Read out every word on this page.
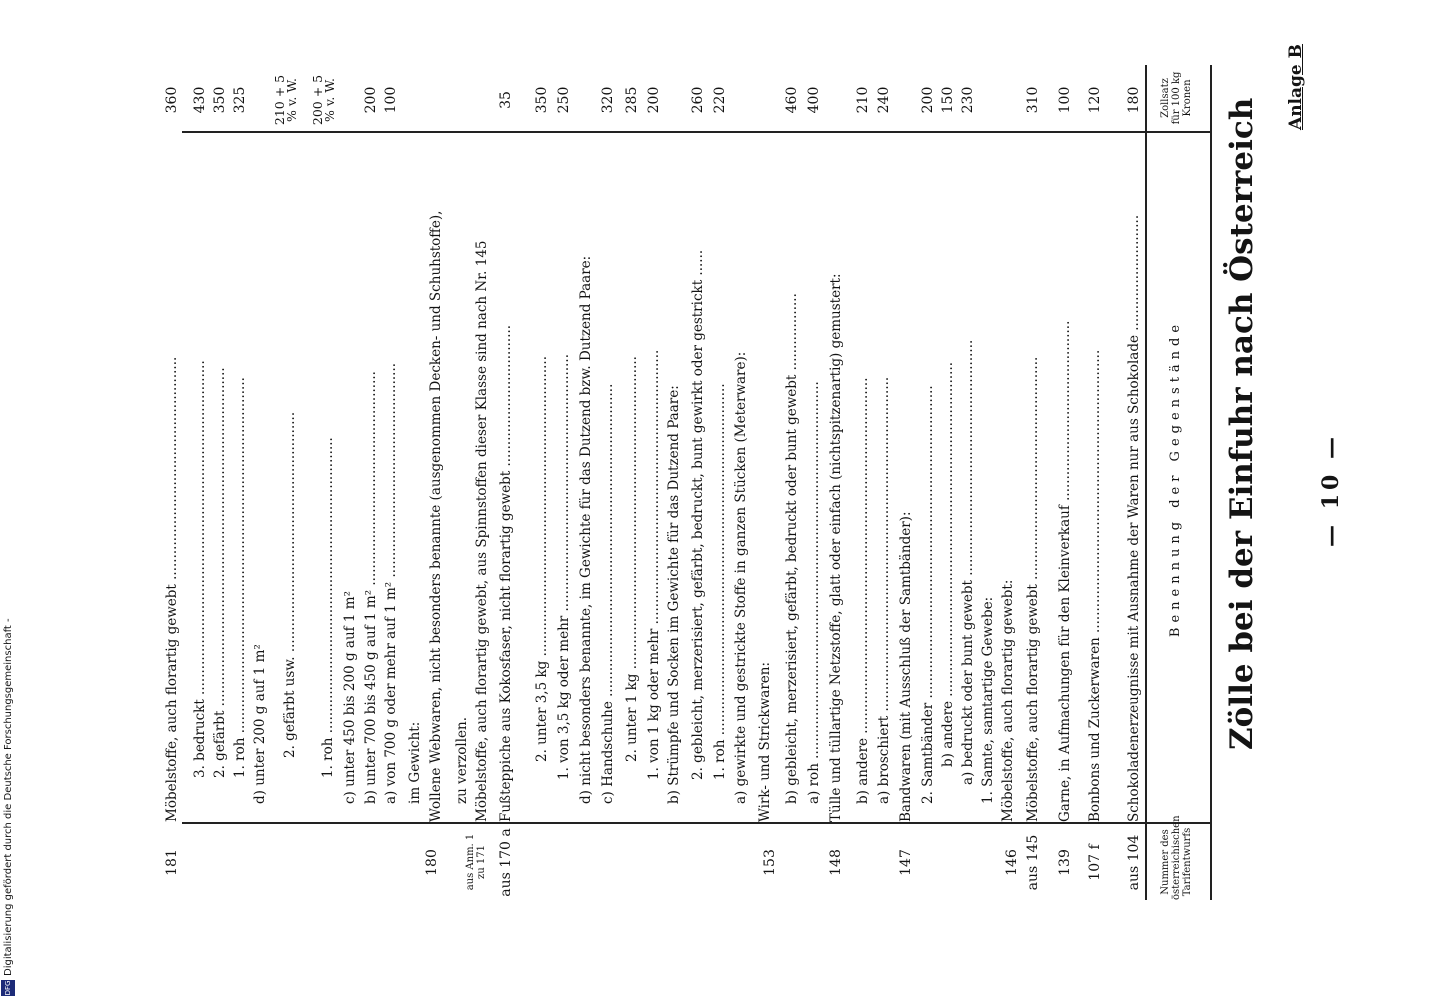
Anlage B
— 10 —
Zölle bei der Einfuhr nach Österreich
Nummer des österreichischen Tarifentwurfs
Benennung der Gegenstände
Zollsatz für 100 kg Kronen
aus 104
Schokoladenerzeugnisse mit Ausnahme der Waren nur aus Schokolade ...........................
180
107 f
Bonbons und Zuckerwaren ..................................................................
120
139
Garne, in Aufmachungen für den Kleinverkauf ..........................................
100
aus 145
Möbelstoffe, auch florartig gewebt ....................................................
310
146
Möbelstoffe, auch florartig gewebt:
1. Samte, samtartige Gewebe:
a) bedruckt oder bunt gewebt .......................................................
230
b) andere ..............................................................................
150
2. Samtbänder .........................................................................
200
147
Bandwaren (mit Ausschluß der Samtbänder):
a) broschiert ..............................................................................
240
b) andere ...................................................................................
210
148
Tülle und tüllartige Netzstoffe, glatt oder einfach (nichtspitzenartig) gemustert:
a) roh ........................................................................................
400
b) gebleicht, merzerisiert, gefärbt, bedruckt oder bunt gewebt ..................
460
153
Wirk- und Strickwaren:
a) gewirkte und gestrickte Stoffe in ganzen Stücken (Meterware):
1. roh ..................................................................................
220
2. gebleicht, merzerisiert, gefärbt, bedruckt, bunt gewirkt oder gestrickt ......
260
b) Strümpfe und Socken im Gewichte für das Dutzend Paare:
1. von 1 kg oder mehr ................................................................
200
2. unter 1 kg .........................................................................
285
c) Handschuhe .........................................................................
320
d) nicht besonders benannte, im Gewichte für das Dutzend bzw. Dutzend Paare:
1. von 3,5 kg oder mehr ............................................................
250
2. unter 3,5 kg ......................................................................
350
aus 170 a
Fußteppiche aus Kokosfaser, nicht florartig gewebt .................................
35
aus Anm. 1 zu 171
Möbelstoffe, auch florartig gewebt, aus Spinnstoffen dieser Klasse sind nach Nr. 145
zu verzollen.
180
Wollene Webwaren, nicht besonders benannte (ausgenommen Decken- und Schuhstoffe),
im Gewicht:
a) von 700 g oder mehr auf 1 m² ..................................................
100
b) unter 700 bis 450 g auf 1 m² ..................................................
200
c) unter 450 bis 200 g auf 1 m²
1. roh .....................................................................
200 + 5 % v. W.
2. gefärbt usw. ........................................................
210 + 5 % v. W.
d) unter 200 g auf 1 m²
1. roh ...................................................................................
325
2. gefärbt ...............................................................................
350
3. bedruckt ..............................................................................
430
181
Möbelstoffe, auch florartig gewebt ....................................................
360
DFG
Digitalisierung gefördert durch die Deutsche Forschungsgemeinschaft -
